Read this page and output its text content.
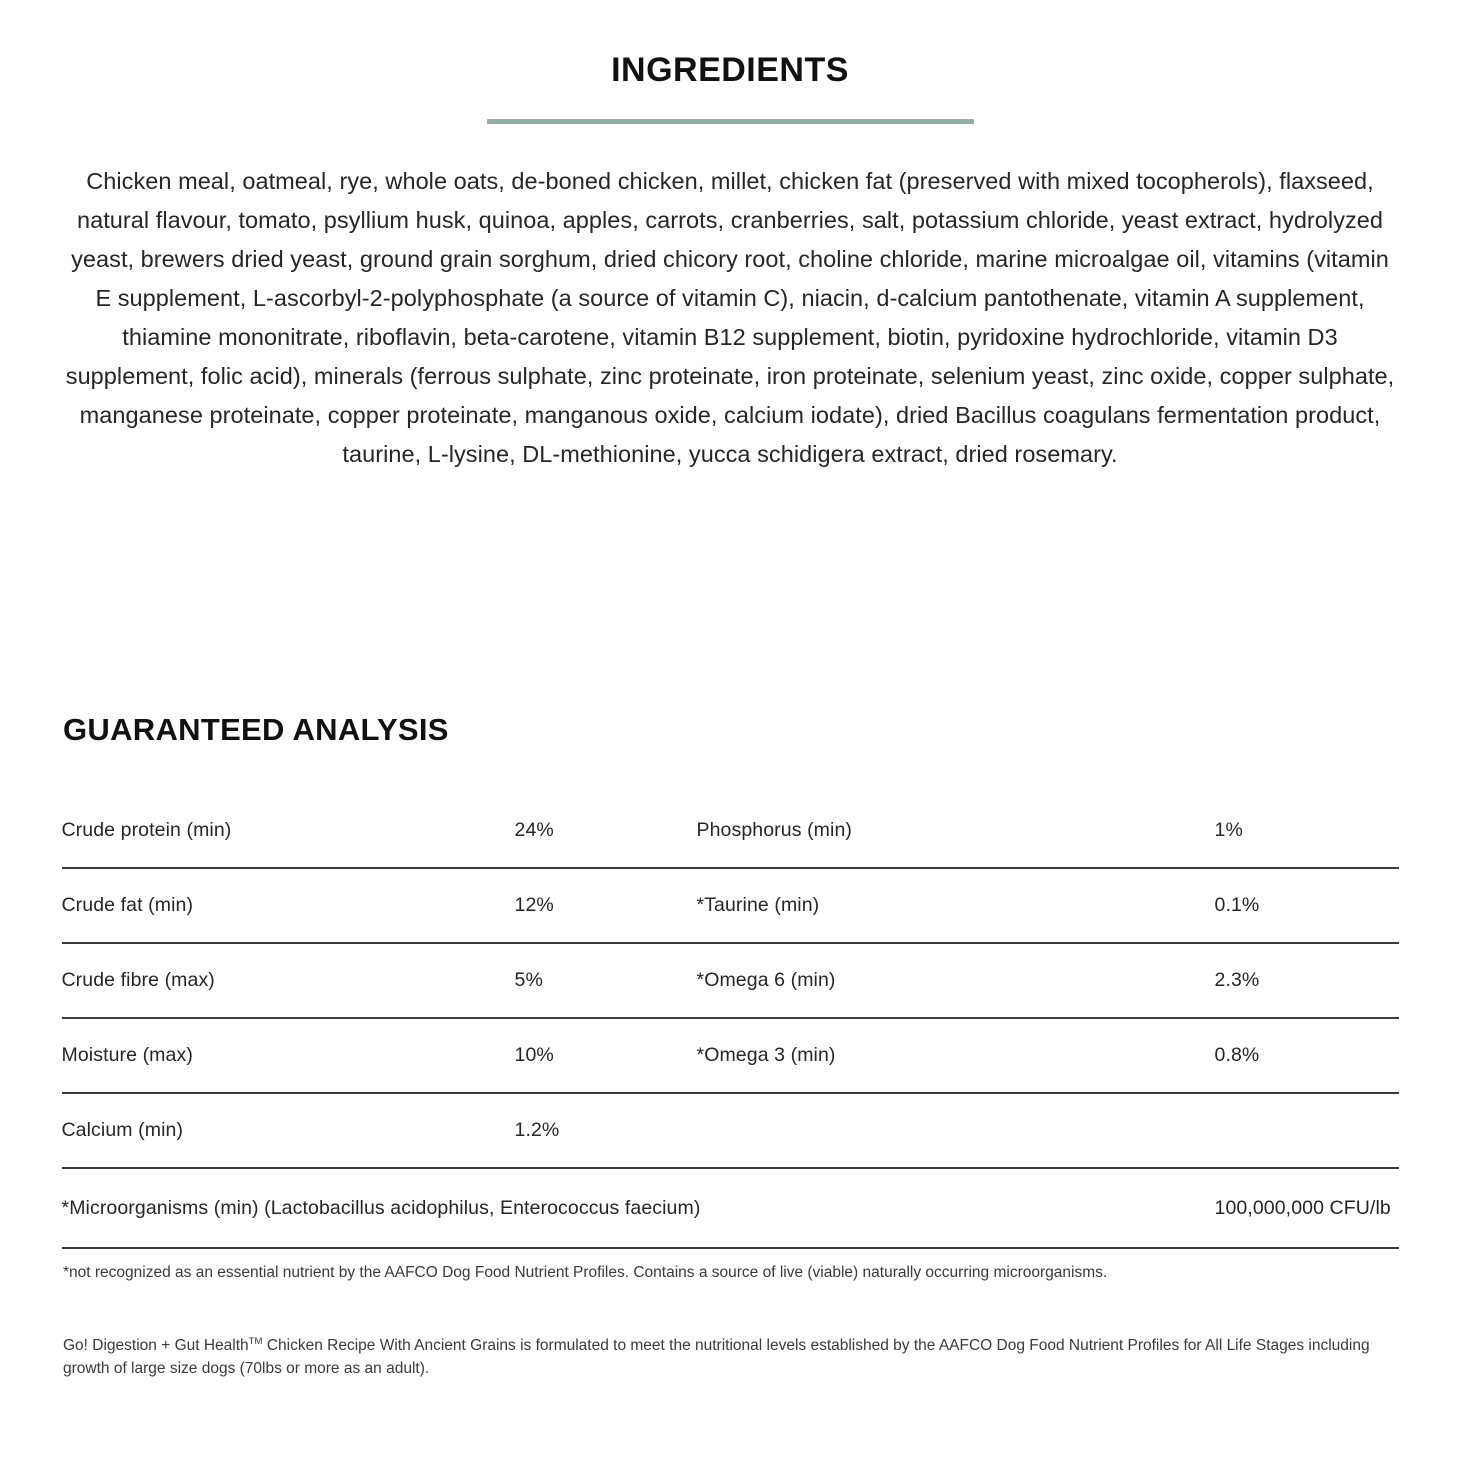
INGREDIENTS

Chicken meal, oatmeal, rye, whole oats, de-boned chicken, millet, chicken fat (preserved with mixed tocopherols), flaxseed, natural flavour, tomato, psyllium husk, quinoa, apples, carrots, cranberries, salt, potassium chloride, yeast extract, hydrolyzed yeast, brewers dried yeast, ground grain sorghum, dried chicory root, choline chloride, marine microalgae oil, vitamins (vitamin E supplement, L-ascorbyl-2-polyphosphate (a source of vitamin C), niacin, d-calcium pantothenate, vitamin A supplement, thiamine mononitrate, riboflavin, beta-carotene, vitamin B12 supplement, biotin, pyridoxine hydrochloride, vitamin D3 supplement, folic acid), minerals (ferrous sulphate, zinc proteinate, iron proteinate, selenium yeast, zinc oxide, copper sulphate, manganese proteinate, copper proteinate, manganous oxide, calcium iodate), dried Bacillus coagulans fermentation product, taurine, L-lysine, DL-methionine, yucca schidigera extract, dried rosemary.

GUARANTEED ANALYSIS
Crude protein (min)	24%	Phosphorus (min)	1%
Crude fat (min)	12%	*Taurine (min)	0.1%
Crude fibre (max)	5%	*Omega 6 (min)	2.3%
Moisture (max)	10%	*Omega 3 (min)	0.8%
Calcium (min)	1.2%		
*Microorganisms (min) (Lactobacillus acidophilus, Enterococcus faecium)			100,000,000 CFU/lb
*not recognized as an essential nutrient by the AAFCO Dog Food Nutrient Profiles. Contains a source of live (viable) naturally occurring microorganisms.
Go! Digestion + Gut Health™ Chicken Recipe With Ancient Grains is formulated to meet the nutritional levels established by the AAFCO Dog Food Nutrient Profiles for All Life Stages including growth of large size dogs (70lbs or more as an adult).
